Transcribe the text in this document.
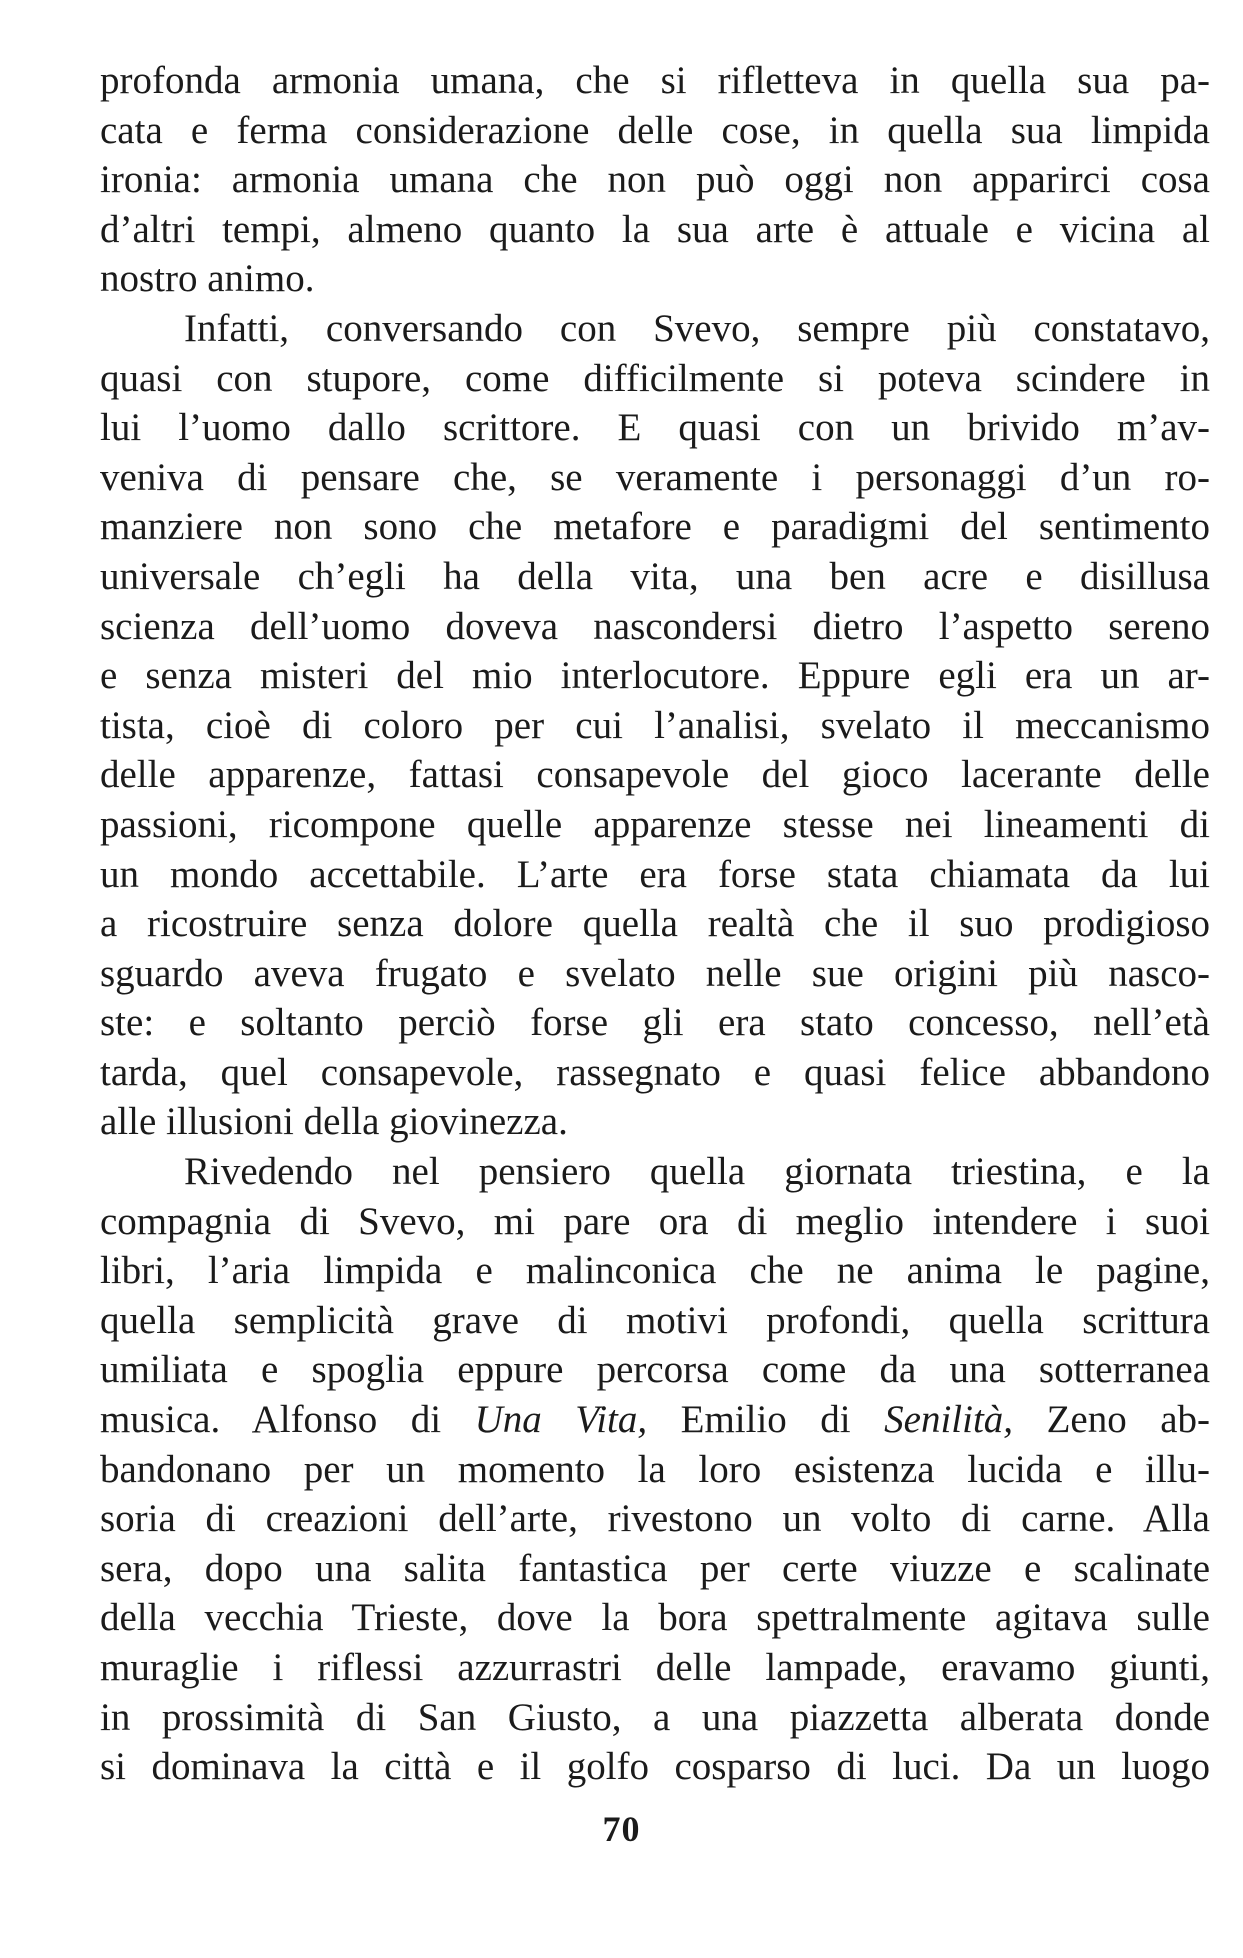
profonda armonia umana, che si rifletteva in quella sua pa-
cata e ferma considerazione delle cose, in quella sua limpida
ironia: armonia umana che non può oggi non apparirci cosa
d’altri tempi, almeno quanto la sua arte è attuale e vicina al
nostro animo.
Infatti, conversando con Svevo, sempre più constatavo,
quasi con stupore, come difficilmente si poteva scindere in
lui l’uomo dallo scrittore. E quasi con un brivido m’av-
veniva di pensare che, se veramente i personaggi d’un ro-
manziere non sono che metafore e paradigmi del sentimento
universale ch’egli ha della vita, una ben acre e disillusa
scienza dell’uomo doveva nascondersi dietro l’aspetto sereno
e senza misteri del mio interlocutore. Eppure egli era un ar-
tista, cioè di coloro per cui l’analisi, svelato il meccanismo
delle apparenze, fattasi consapevole del gioco lacerante delle
passioni, ricompone quelle apparenze stesse nei lineamenti di
un mondo accettabile. L’arte era forse stata chiamata da lui
a ricostruire senza dolore quella realtà che il suo prodigioso
sguardo aveva frugato e svelato nelle sue origini più nasco-
ste: e soltanto perciò forse gli era stato concesso, nell’età
tarda, quel consapevole, rassegnato e quasi felice abbandono
alle illusioni della giovinezza.
Rivedendo nel pensiero quella giornata triestina, e la
compagnia di Svevo, mi pare ora di meglio intendere i suoi
libri, l’aria limpida e malinconica che ne anima le pagine,
quella semplicità grave di motivi profondi, quella scrittura
umiliata e spoglia eppure percorsa come da una sotterranea
musica. Alfonso di Una Vita, Emilio di Senilità, Zeno ab-
bandonano per un momento la loro esistenza lucida e illu-
soria di creazioni dell’arte, rivestono un volto di carne. Alla
sera, dopo una salita fantastica per certe viuzze e scalinate
della vecchia Trieste, dove la bora spettralmente agitava sulle
muraglie i riflessi azzurrastri delle lampade, eravamo giunti,
in prossimità di San Giusto, a una piazzetta alberata donde
si dominava la città e il golfo cosparso di luci. Da un luogo
70
